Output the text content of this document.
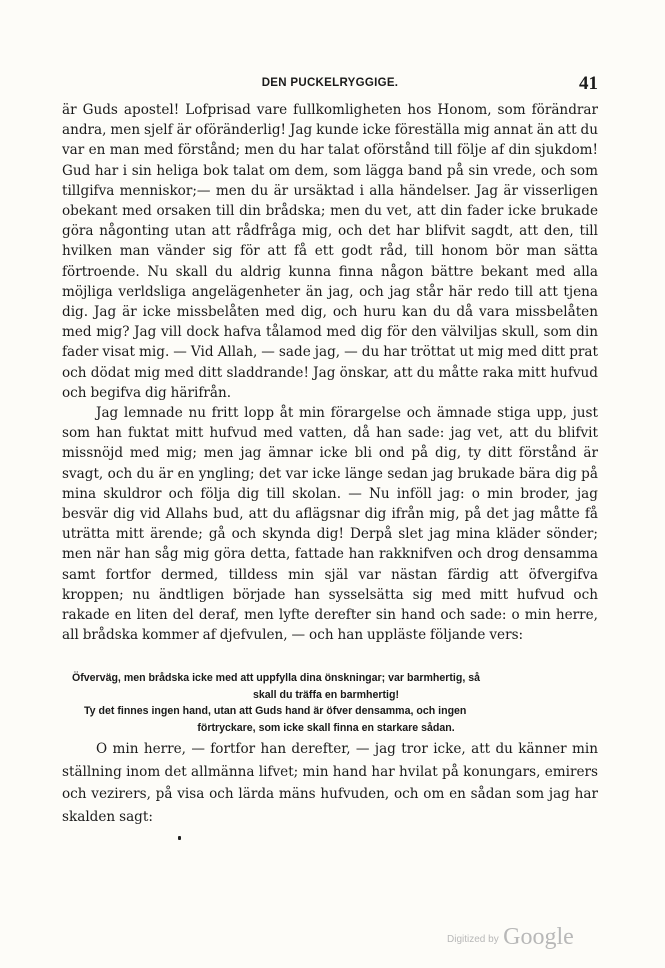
DEN PUCKELRYGGIGE.	41

är Guds apostel! Lofprisad vare fullkomligheten hos Honom, som förändrar andra, men sjelf är oföränderlig! Jag kunde icke föreställa mig annat än att du var en man med förstånd; men du har talat oförstånd till följe af din sjukdom! Gud har i sin heliga bok talat om dem, som lägga band på sin vrede, och som tillgifva menniskor;— men du är ursäktad i alla händelser. Jag är visserligen obekant med orsaken till din brådska; men du vet, att din fader icke brukade göra någonting utan att rådfråga mig, och det har blifvit sagdt, att den, till hvilken man vänder sig för att få ett godt råd, till honom bör man sätta förtroende. Nu skall du aldrig kunna finna någon bättre bekant med alla möjliga verldsliga angelägenheter än jag, och jag står här redo till att tjena dig. Jag är icke missbelåten med dig, och huru kan du då vara missbelåten med mig? Jag vill dock hafva tålamod med dig för den välviljas skull, som din fader visat mig. — Vid Allah, — sade jag, — du har tröttat ut mig med ditt prat och dödat mig med ditt sladdrande! Jag önskar, att du måtte raka mitt hufvud och begifva dig härifrån.

Jag lemnade nu fritt lopp åt min förargelse och ämnade stiga upp, just som han fuktat mitt hufvud med vatten, då han sade: jag vet, att du blifvit missnöjd med mig; men jag ämnar icke bli ond på dig, ty ditt förstånd är svagt, och du är en yngling; det var icke länge sedan jag brukade bära dig på mina skuldror och följa dig till skolan. — Nu inföll jag: o min broder, jag besvär dig vid Allahs bud, att du aflägsnar dig ifrån mig, på det jag måtte få uträtta mitt ärende; gå och skynda dig! Derpå slet jag mina kläder sönder; men när han såg mig göra detta, fattade han rakknifven och drog densamma samt fortfor dermed, tilldess min själ var nästan färdig att öfvergifva kroppen; nu ändtligen började han sysselsätta sig med mitt hufvud och rakade en liten del deraf, men lyfte derefter sin hand och sade: o min herre, all brådska kommer af djefvulen, — och han uppläste följande vers:

Öfverväg, men brådska icke med att uppfylla dina önskningar; var barmhertig, så

skall du träffa en barmhertig!

Ty det finnes ingen hand, utan att Guds hand är öfver densamma, och ingen

förtryckare, som icke skall finna en starkare sådan.

O min herre, — fortfor han derefter, — jag tror icke, att du känner min ställning inom det allmänna lifvet; min hand har hvilat på konungars, emirers och vezirers, på visa och lärda mäns hufvuden, och om en sådan som jag har skalden sagt:

Digitized by Google
